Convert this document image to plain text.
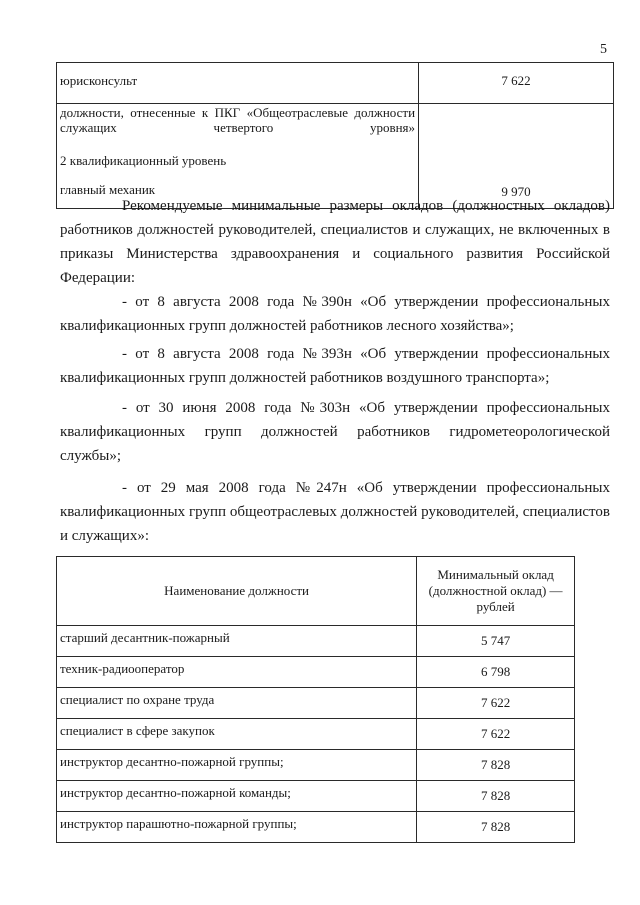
5
юрисконсульт	7 622

должности, отнесенные к ПКГ «Общеотраслевые должности служащих четвертого уровня»
2 квалификационный уровень
главный механик	9 970

Рекомендуемые минимальные размеры окладов (должностных окладов) работников должностей руководителей, специалистов и служащих, не включенных в приказы Министерства здравоохранения и социального развития Российской Федерации:

- от 8 августа 2008 года №390н «Об утверждении профессиональных квалификационных групп должностей работников лесного хозяйства»;

- от 8 августа 2008 года №393н «Об утверждении профессиональных квалификационных групп должностей работников воздушного транспорта»;

- от 30 июня 2008 года №303н «Об утверждении профессиональных квалификационных групп должностей работников гидрометеорологической службы»;

- от 29 мая 2008 года №247н «Об утверждении профессиональных квалификационных групп общеотраслевых должностей руководителей, специалистов и служащих»:

Наименование должности	Минимальный оклад (должностной оклад) — рублей
старший десантник-пожарный	5 747
техник-радиооператор	6 798
специалист по охране труда	7 622
специалист в сфере закупок	7 622
инструктор десантно-пожарной группы;	7 828
инструктор десантно-пожарной команды;	7 828
инструктор парашютно-пожарной группы;	7 828
